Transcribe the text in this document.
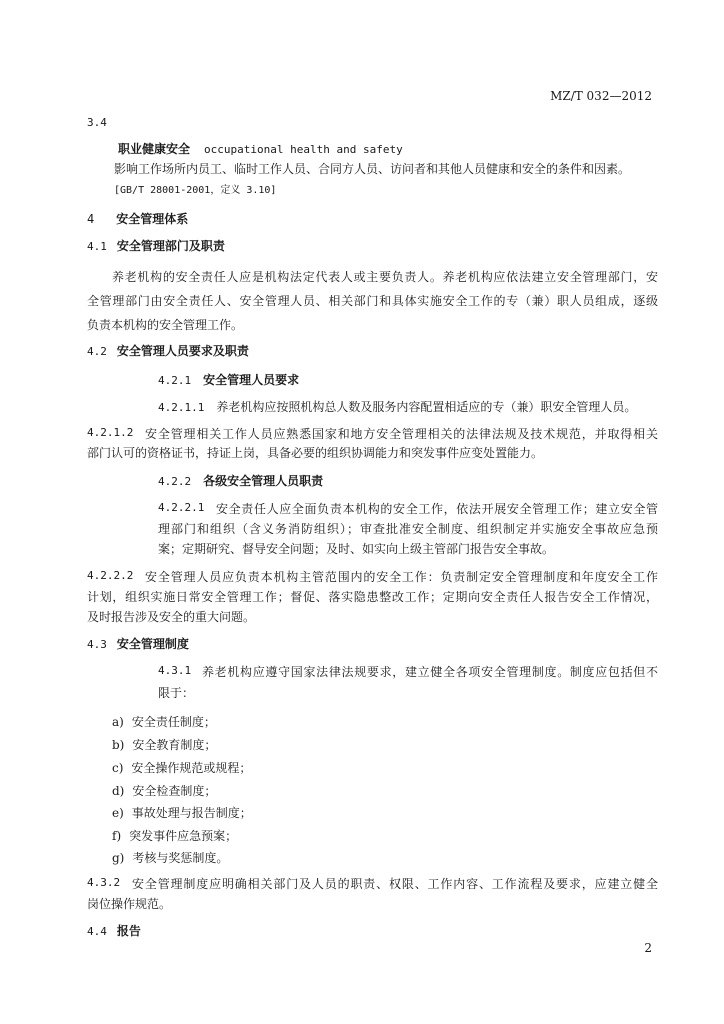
MZ/T 032—2012
3.4
职业健康安全 occupational health and safety
影响工作场所内员工、临时工作人员、合同方人员、访问者和其他人员健康和安全的条件和因素。
[GB/T 28001-2001，定义 3.10]
4 安全管理体系
4.1 安全管理部门及职责
养老机构的安全责任人应是机构法定代表人或主要负责人。养老机构应依法建立安全管理部门，安
全管理部门由安全责任人、安全管理人员、相关部门和具体实施安全工作的专（兼）职人员组成，逐级
负责本机构的安全管理工作。
4.2 安全管理人员要求及职责
4.2.1 安全管理人员要求
4.2.1.1 养老机构应按照机构总人数及服务内容配置相适应的专（兼）职安全管理人员。
4.2.1.2 安全管理相关工作人员应熟悉国家和地方安全管理相关的法律法规及技术规范，并取得相关
部门认可的资格证书，持证上岗，具备必要的组织协调能力和突发事件应变处置能力。
4.2.2 各级安全管理人员职责
4.2.2.1 安全责任人应全面负责本机构的安全工作，依法开展安全管理工作；建立安全管
理部门和组织（含义务消防组织）；审查批准安全制度、组织制定并实施安全事故应急预
案；定期研究、督导安全问题；及时、如实向上级主管部门报告安全事故。
4.2.2.2 安全管理人员应负责本机构主管范围内的安全工作：负责制定安全管理制度和年度安全工作
计划，组织实施日常安全管理工作；督促、落实隐患整改工作；定期向安全责任人报告安全工作情况，
及时报告涉及安全的重大问题。
4.3 安全管理制度
4.3.1 养老机构应遵守国家法律法规要求，建立健全各项安全管理制度。制度应包括但不
限于：
a) 安全责任制度；
b) 安全教育制度；
c) 安全操作规范或规程；
d) 安全检查制度；
e) 事故处理与报告制度；
f) 突发事件应急预案；
g) 考核与奖惩制度。
4.3.2 安全管理制度应明确相关部门及人员的职责、权限、工作内容、工作流程及要求，应建立健全
岗位操作规范。
4.4 报告
2
